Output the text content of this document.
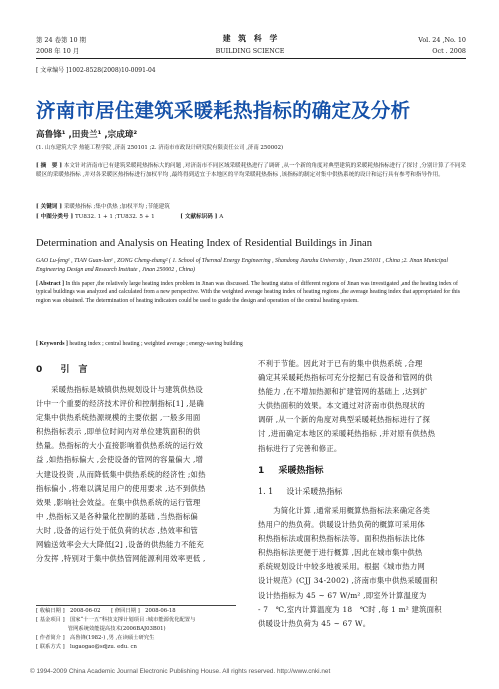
第 24 卷第 10 期
2008 年 10 月
建　筑　科　学
BUILDING SCIENCE
Vol. 24 ,No. 10
Oct . 2008
[ 文章编号 ]1002-8528(2008)10-0091-04
济南市居住建筑采暖耗热指标的确定及分析
高鲁锋¹ ,田贵兰¹ ,宗成璋²
(1. 山东建筑大学 热能工程学院 ,济南 250101 ;2. 济南市市政设计研究院有限责任公司 ,济南 250002)
[ 摘　要 ] 本文针对济南市已有建筑采暖耗热指标大的问题 ,对济南市不同区域采暖耗热进行了调研 ,从一个新的角度对典型建筑的采暖耗热指标进行了探讨 ,分别计算了不同采暖区的采暖热指标 ,并对各采暖区热指标进行加权平均 ,最终得到适宜于本地区的平均采暖耗热指标 ,该指标的制定对集中供热系统的设计和运行具有参考和指导作用。
[ 关键词 ] 采暖热指标 ;集中供热 ;加权平均 ;节能建筑
[ 中图分类号 ] TU832. 1 + 1 ;TU832. 5 + 1	[ 文献标识码 ] A
Determination and Analysis on Heating Index of Residential Buildings in Jinan
GAO Lu-feng¹ , TIAN Guan-lan¹ , ZONG Cheng-zhang² ( 1. School of Thermal Energy Engineering , Shandong Jianzhu University , Jinan 250101 , China ;2. Jinan Municipal Engineering Design and Research Institute , Jinan 250002 , China)
[ Abstract ] In this paper ,the relatively large heating index problem in Jinan was discussed. The heating status of different regions of Jinan was investigated ,and the heating index of typical buildings was analyzed and calculated from a new perspective. With the weighted average heating index of heating regions ,the average heating index that appropriated for this region was obtained. The determination of heating indicators could be used to guide the design and operation of the central heating system.
[ Keywords ] heating index ; central heating ; weighted average ; energy-saving building
0 引　言
　　采暖热指标是城镇供热规划设计与建筑供热设
计中一个重要的经济技术评价和控制指标[1] ,是确
定集中供热系统热源规模的主要依据 ,一般多用面
积热指标表示 ,即单位时间内对单位建筑面积的供
热量。热指标的大小直接影响着供热系统的运行效
益 ,如热指标偏大 ,会使设备的管网的容量偏大 ,增
大建设投资 ,从而降低集中供热系统的经济性 ;如热
指标偏小 ,将难以满足用户的使用要求 ,达不到供热
效果 ,影响社会效益。在集中供热系统的运行管理
中 ,热指标又是各种量化控制的基础 ,当热指标偏
大时 ,设备的运行处于低负荷的状态 ,热效率和管
网输送效率会大大降低[2] ,设备的供热能力不能充
分发挥 ,特别对于集中供热管网能源利用效率更低 ,
[ 收稿日期 ]　2008-06-02　　[ 修回日期 ]　2008-06-18
[ 基金项目 ]　国家“十一五”科技支撑计划项目 :城市能源优化配置与
　　　　　　管网系统效能提高技术(2006BAJ03B01)
[ 作者简介 ]　高鲁锋(1982-) ,男 ,在读硕士研究生
[ 联系方式 ]　lugaogao@sdjzu. edu. cn
不利于节能。因此对于已有的集中供热系统 ,合理
确定其采暖耗热指标可充分挖掘已有设备和管网的供
热能力 ,在不增加热源和扩建管网的基础上 ,达到扩
大供热面积的效果。本文通过对济南市供热现状的
调研 ,从一个新的角度对典型采暖耗热指标进行了探
讨 ,进而确定本地区的采暖耗热指标 ,并对原有供热热
指标进行了完善和修正。
1 采暖热指标
1. 1 设计采暖热指标
　　为简化计算 ,通常采用概算热指标法来确定各类
热用户的热负荷。供暖设计热负荷的概算可采用体
积热指标法或面积热指标法等。面积热指标法比体
积热指标法更便于进行概算 ,因此在城市集中供热
系统规划设计中较多地被采用。根据《城市热力网
设计规范》(CJJ 34-2002) ,济南市集中供热采暖面积
设计热指标为 45 ~ 67 W/m² ,即室外计算温度为
- 7　℃,室内计算温度为 18　℃时 ,每 1 m² 建筑面积
供暖设计热负荷为 45 ~ 67 W。
© 1994-2009 China Academic Journal Electronic Publishing House. All rights reserved. http://www.cnki.net
